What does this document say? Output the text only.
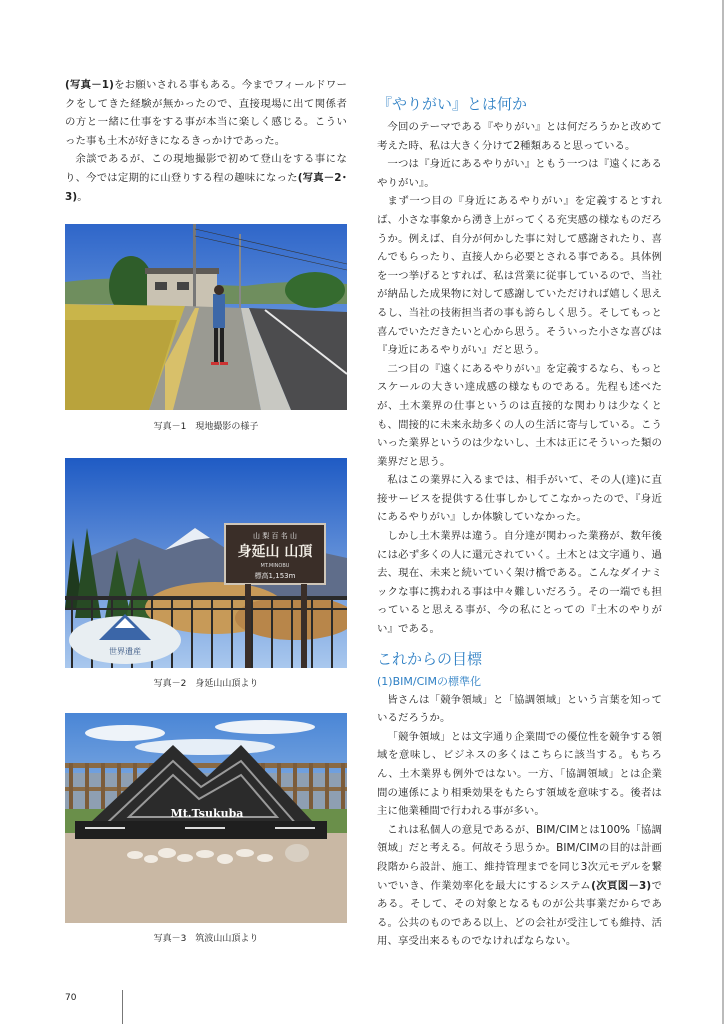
(写真－1)をお願いされる事もある。今までフィールドワークをしてきた経験が無かったので、直接現場に出て関係者の方と一緒に仕事をする事が本当に楽しく感じる。こういった事も土木が好きになるきっかけであった。

余談であるが、この現地撮影で初めて登山をする事になり、今では定期的に山登りする程の趣味になった(写真－2･3)。

写真－1　現地撮影の様子
山 梨 百 名 山
身延山 山頂
MT.MINOBU
標高1,153m
世界遺産
写真－2　身延山山頂より
Mt.Tsukuba
写真－3　筑波山山頂より
『やりがい』とは何か

今回のテーマである『やりがい』とは何だろうかと改めて考えた時、私は大きく分けて2種類あると思っている。

一つは『身近にあるやりがい』ともう一つは『遠くにあるやりがい』。

まず一つ目の『身近にあるやりがい』を定義するとすれば、小さな事象から湧き上がってくる充実感の様なものだろうか。例えば、自分が何かした事に対して感謝されたり、喜んでもらったり、直接人から必要とされる事である。具体例を一つ挙げるとすれば、私は営業に従事しているので、当社が納品した成果物に対して感謝していただければ嬉しく思えるし、当社の技術担当者の事も誇らしく思う。そしてもっと喜んでいただきたいと心から思う。そういった小さな喜びは『身近にあるやりがい』だと思う。

二つ目の『遠くにあるやりがい』を定義するなら、もっとスケールの大きい達成感の様なものである。先程も述べたが、土木業界の仕事というのは直接的な関わりは少なくとも、間接的に未来永劫多くの人の生活に寄与している。こういった業界というのは少ないし、土木は正にそういった類の業界だと思う。

私はこの業界に入るまでは、相手がいて、その人(達)に直接サービスを提供する仕事しかしてこなかったので、『身近にあるやりがい』しか体験していなかった。

しかし土木業界は違う。自分達が関わった業務が、数年後には必ず多くの人に還元されていく。土木とは文字通り、過去、現在、未来と続いていく架け橋である。こんなダイナミックな事に携われる事は中々難しいだろう。その一端でも担っていると思える事が、今の私にとっての『土木のやりがい』である。

これからの目標
(1)BIM/CIMの標準化

皆さんは「競争領域」と「協調領域」という言葉を知っているだろうか。

「競争領域」とは文字通り企業間での優位性を競争する領域を意味し、ビジネスの多くはこちらに該当する。もちろん、土木業界も例外ではない。一方、「協調領域」とは企業間の連係により相乗効果をもたらす領域を意味する。後者は主に他業種間で行われる事が多い。

これは私個人の意見であるが、BIM/CIMとは100%「協調領域」だと考える。何故そう思うか。BIM/CIMの目的は計画段階から設計、施工、維持管理までを同じ3次元モデルを繋いでいき、作業効率化を最大にするシステム(次頁図－3)である。そして、その対象となるものが公共事業だからである。公共のものである以上、どの会社が受注しても維持、活用、享受出来るものでなければならない。

70
